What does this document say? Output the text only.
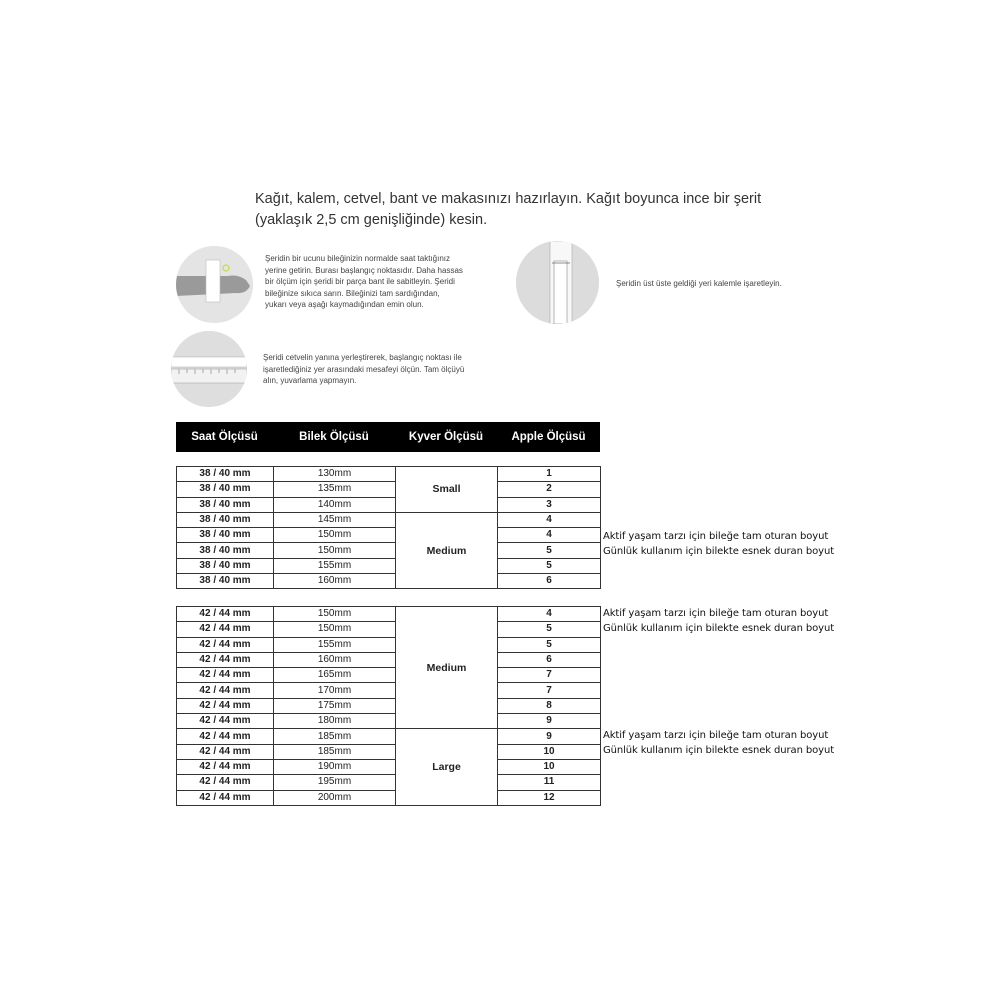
Kağıt, kalem, cetvel, bant ve makasınızı hazırlayın. Kağıt boyunca ince bir şerit
(yaklaşık 2,5 cm genişliğinde) kesin.
Şeridin bir ucunu bileğinizin normalde saat taktığınız
yerine getirin. Burası başlangıç noktasıdır. Daha hassas
bir ölçüm için şeridi bir parça bant ile sabitleyin. Şeridi
bileğinize sıkıca sarın. Bileğinizi tam sardığından,
yukarı veya aşağı kaymadığından emin olun.
Şeridin üst üste geldiği yeri kalemle işaretleyin.
Şeridi cetvelin yanına yerleştirerek, başlangıç noktası ile
işaretlediğiniz yer arasındaki mesafeyi ölçün. Tam ölçüyü
alın, yuvarlama yapmayın.
Saat Ölçüsü	Bilek Ölçüsü	Kyver Ölçüsü	Apple Ölçüsü
38 / 40 mm	130mm	Small	1
38 / 40 mm	135mm		2
38 / 40 mm	140mm		3
38 / 40 mm	145mm	Medium	4
38 / 40 mm	150mm		4
38 / 40 mm	150mm		5
38 / 40 mm	155mm		5
38 / 40 mm	160mm		6
42 / 44 mm	150mm	Medium	4
42 / 44 mm	150mm		5
42 / 44 mm	155mm		5
42 / 44 mm	160mm		6
42 / 44 mm	165mm		7
42 / 44 mm	170mm		7
42 / 44 mm	175mm		8
42 / 44 mm	180mm		9
42 / 44 mm	185mm	Large	9
42 / 44 mm	185mm		10
42 / 44 mm	190mm		10
42 / 44 mm	195mm		11
42 / 44 mm	200mm		12
Aktif yaşam tarzı için bileğe tam oturan boyut
Günlük kullanım için bilekte esnek duran boyut
Aktif yaşam tarzı için bileğe tam oturan boyut
Günlük kullanım için bilekte esnek duran boyut
Aktif yaşam tarzı için bileğe tam oturan boyut
Günlük kullanım için bilekte esnek duran boyut
